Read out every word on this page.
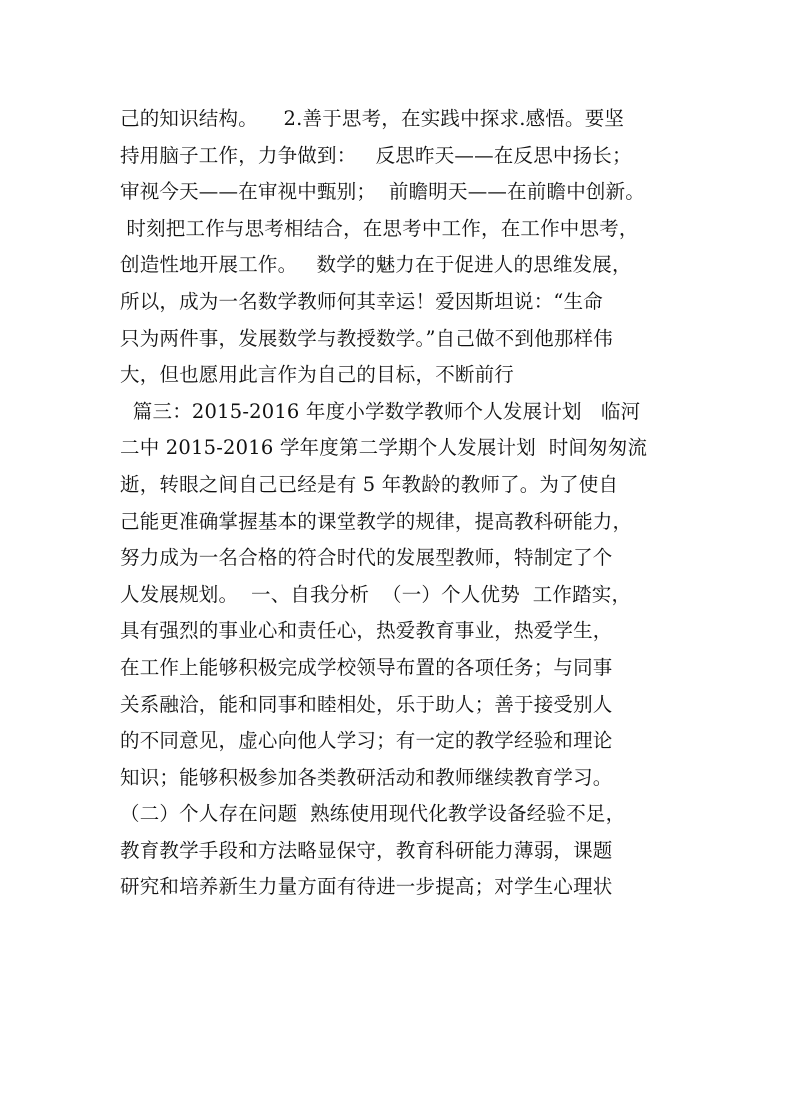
己的知识结构。    2.善于思考，在实践中探求.感悟。要坚
持用脑子工作，力争做到：   反思昨天——在反思中扬长；
审视今天——在审视中甄别；  前瞻明天——在前瞻中创新。
时刻把工作与思考相结合，在思考中工作，在工作中思考，
创造性地开展工作。   数学的魅力在于促进人的思维发展，
所以，成为一名数学教师何其幸运！爱因斯坦说：“生命
只为两件事，发展数学与教授数学。”自己做不到他那样伟
大，但也愿用此言作为自己的目标，不断前行
篇三：2015-2016 年度小学数学教师个人发展计划   临河
二中 2015-2016 学年度第二学期个人发展计划  时间匆匆流
逝，转眼之间自己已经是有 5 年教龄的教师了。为了使自
己能更准确掌握基本的课堂教学的规律，提高教科研能力，
努力成为一名合格的符合时代的发展型教师，特制定了个
人发展规划。  一、自我分析  （一）个人优势  工作踏实，
具有强烈的事业心和责任心，热爱教育事业，热爱学生，
在工作上能够积极完成学校领导布置的各项任务；与同事
关系融洽，能和同事和睦相处，乐于助人；善于接受别人
的不同意见，虚心向他人学习；有一定的教学经验和理论
知识；能够积极参加各类教研活动和教师继续教育学习。
（二）个人存在问题  熟练使用现代化教学设备经验不足，
教育教学手段和方法略显保守，教育科研能力薄弱，课题
研究和培养新生力量方面有待进一步提高；对学生心理状
